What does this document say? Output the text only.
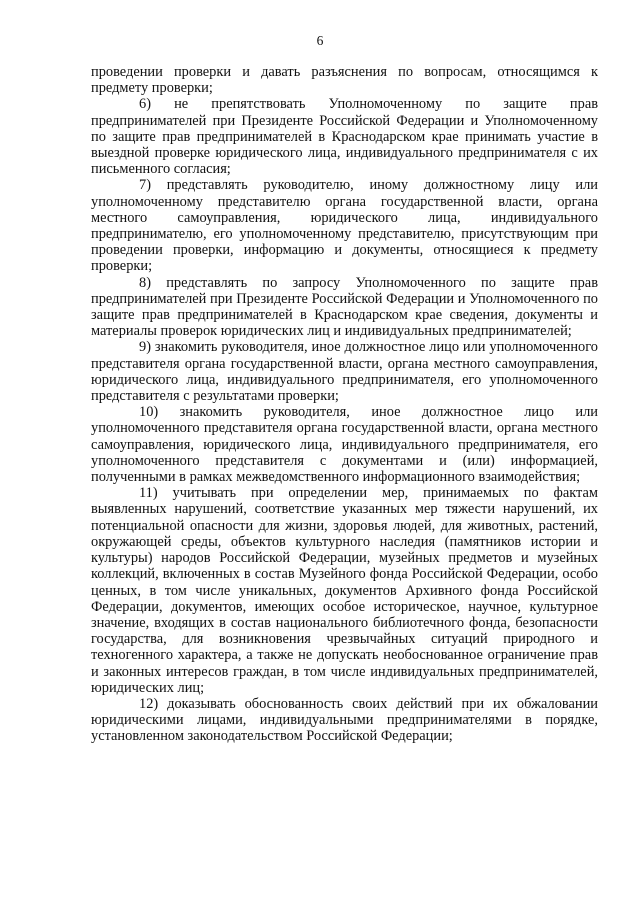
6

проведении проверки и давать разъяснения по вопросам, относящимся к предмету проверки;

6) не препятствовать Уполномоченному по защите прав предпринимателей при Президенте Российской Федерации и Уполномоченному по защите прав предпринимателей в Краснодарском крае принимать участие в выездной проверке юридического лица, индивидуального предпринимателя с их письменного согласия;

7) представлять руководителю, иному должностному лицу или уполномоченному представителю органа государственной власти, органа местного самоуправления, юридического лица, индивидуального предпринимателю, его уполномоченному представителю, присутствующим при проведении проверки, информацию и документы, относящиеся к предмету проверки;

8) представлять по запросу Уполномоченного по защите прав предпринимателей при Президенте Российской Федерации и Уполномоченного по защите прав предпринимателей в Краснодарском крае сведения, документы и материалы проверок юридических лиц и индивидуальных предпринимателей;

9) знакомить руководителя, иное должностное лицо или уполномоченного представителя органа государственной власти, органа местного самоуправления, юридического лица, индивидуального предпринимателя, его уполномоченного представителя с результатами проверки;

10) знакомить руководителя, иное должностное лицо или уполномоченного представителя органа государственной власти, органа местного самоуправления, юридического лица, индивидуального предпринимателя, его уполномоченного представителя с документами и (или) информацией, полученными в рамках межведомственного информационного взаимодействия;

11) учитывать при определении мер, принимаемых по фактам выявленных нарушений, соответствие указанных мер тяжести нарушений, их потенциальной опасности для жизни, здоровья людей, для животных, растений, окружающей среды, объектов культурного наследия (памятников истории и культуры) народов Российской Федерации, музейных предметов и музейных коллекций, включенных в состав Музейного фонда Российской Федерации, особо ценных, в том числе уникальных, документов Архивного фонда Российской Федерации, документов, имеющих особое историческое, научное, культурное значение, входящих в состав национального библиотечного фонда, безопасности государства, для возникновения чрезвычайных ситуаций природного и техногенного характера, а также не допускать необоснованное ограничение прав и законных интересов граждан, в том числе индивидуальных предпринимателей, юридических лиц;

12) доказывать обоснованность своих действий при их обжаловании юридическими лицами, индивидуальными предпринимателями в порядке, установленном законодательством Российской Федерации;
